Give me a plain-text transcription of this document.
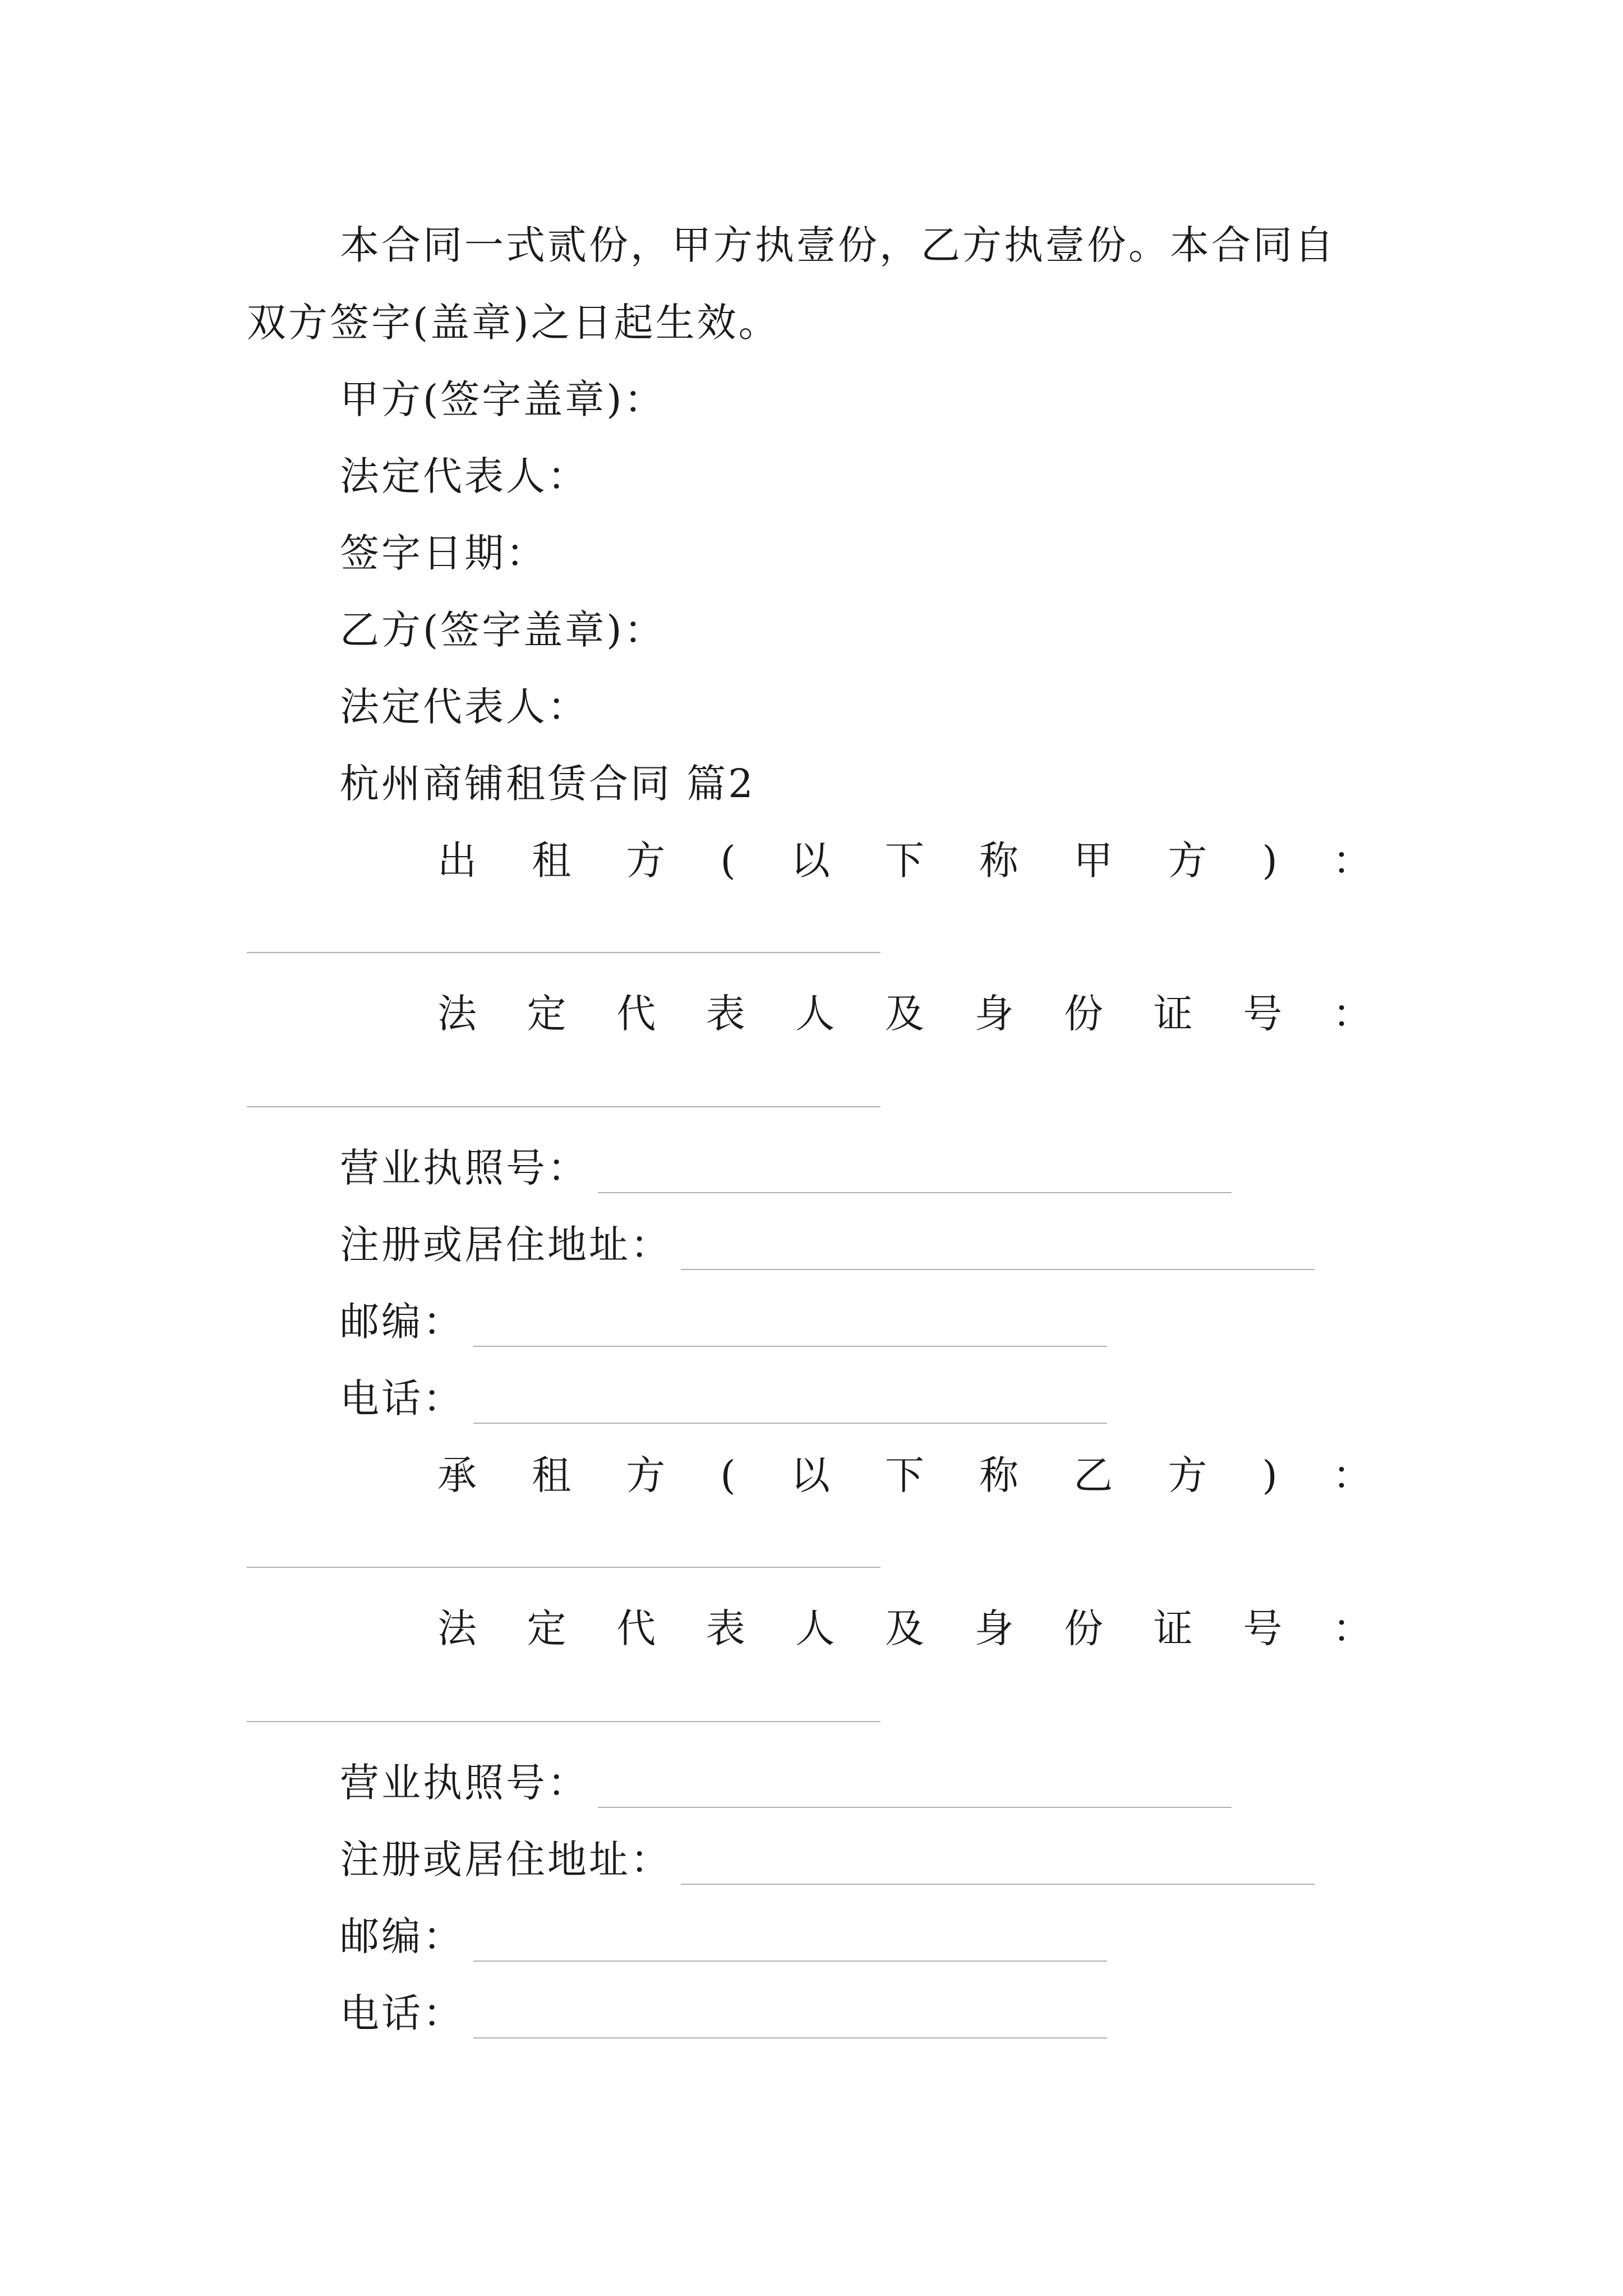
本合同一式贰份，甲方执壹份，乙方执壹份。本合同自
双方签字(盖章)之日起生效。
甲方(签字盖章)：
法定代表人：
签字日期：
乙方(签字盖章)：
法定代表人：
杭州商铺租赁合同 篇2
出 租 方 ( 以 下 称 甲 方 ) ：
法 定 代 表 人 及 身 份 证 号 ：
营业执照号：
注册或居住地址：
邮编：
电话：
承 租 方 ( 以 下 称 乙 方 ) ：
法 定 代 表 人 及 身 份 证 号 ：
营业执照号：
注册或居住地址：
邮编：
电话：
